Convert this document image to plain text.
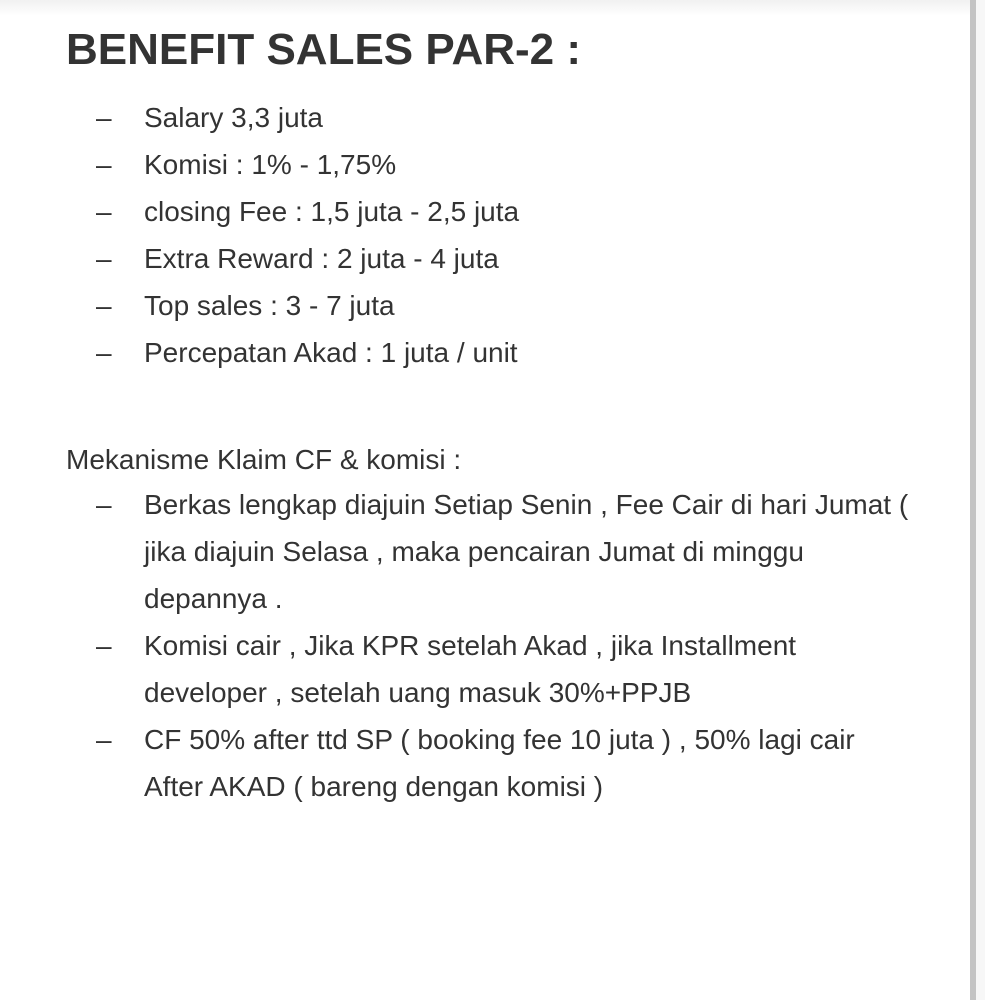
BENEFIT SALES PAR-2 :
–	Salary 3,3 juta
–	Komisi : 1% - 1,75%
–	closing Fee : 1,5 juta - 2,5 juta
–	Extra Reward : 2 juta - 4 juta
–	Top sales : 3 - 7 juta
–	Percepatan Akad : 1 juta / unit
Mekanisme Klaim CF & komisi :
–	Berkas lengkap diajuin Setiap Senin , Fee Cair di hari Jumat ( jika diajuin Selasa , maka pencairan Jumat di minggu depannya .
–	Komisi cair , Jika KPR setelah Akad , jika Installment developer , setelah uang masuk 30%+PPJB
–	CF 50% after ttd SP ( booking fee 10 juta ) , 50% lagi cair After AKAD ( bareng dengan komisi )
